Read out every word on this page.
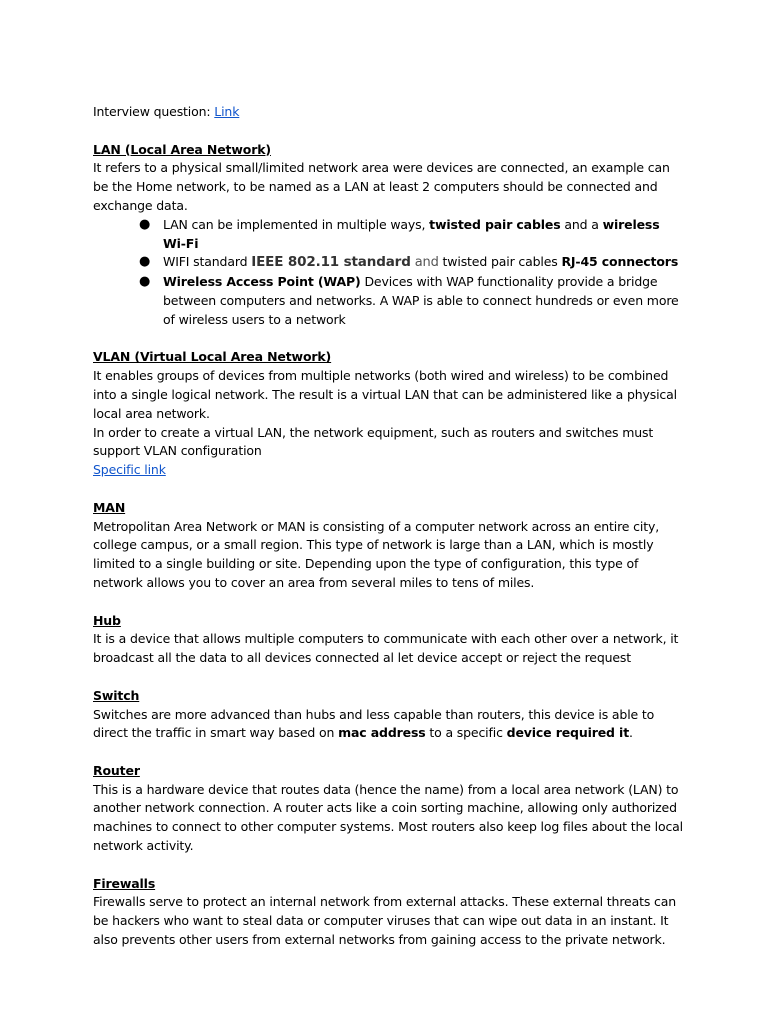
Interview question: Link

LAN (Local Area Network)

It refers to a physical small/limited network area were devices are connected, an example can be the Home network, to be named as a LAN at least 2 computers should be connected and exchange data.

● LAN can be implemented in multiple ways, twisted pair cables and a wireless Wi-Fi
● WIFI standard IEEE 802.11 standard and twisted pair cables RJ-45 connectors
● Wireless Access Point (WAP) Devices with WAP functionality provide a bridge between computers and networks. A WAP is able to connect hundreds or even more of wireless users to a network

VLAN (Virtual Local Area Network)

It enables groups of devices from multiple networks (both wired and wireless) to be combined into a single logical network. The result is a virtual LAN that can be administered like a physical local area network.

In order to create a virtual LAN, the network equipment, such as routers and switches must support VLAN configuration

Specific link

MAN

Metropolitan Area Network or MAN is consisting of a computer network across an entire city, college campus, or a small region. This type of network is large than a LAN, which is mostly limited to a single building or site. Depending upon the type of configuration, this type of network allows you to cover an area from several miles to tens of miles.

Hub

It is a device that allows multiple computers to communicate with each other over a network, it broadcast all the data to all devices connected al let device accept or reject the request

Switch

Switches are more advanced than hubs and less capable than routers, this device is able to direct the traffic in smart way based on mac address to a specific device required it.

Router

This is a hardware device that routes data (hence the name) from a local area network (LAN) to another network connection. A router acts like a coin sorting machine, allowing only authorized machines to connect to other computer systems. Most routers also keep log files about the local network activity.

Firewalls

Firewalls serve to protect an internal network from external attacks. These external threats can be hackers who want to steal data or computer viruses that can wipe out data in an instant. It also prevents other users from external networks from gaining access to the private network.
